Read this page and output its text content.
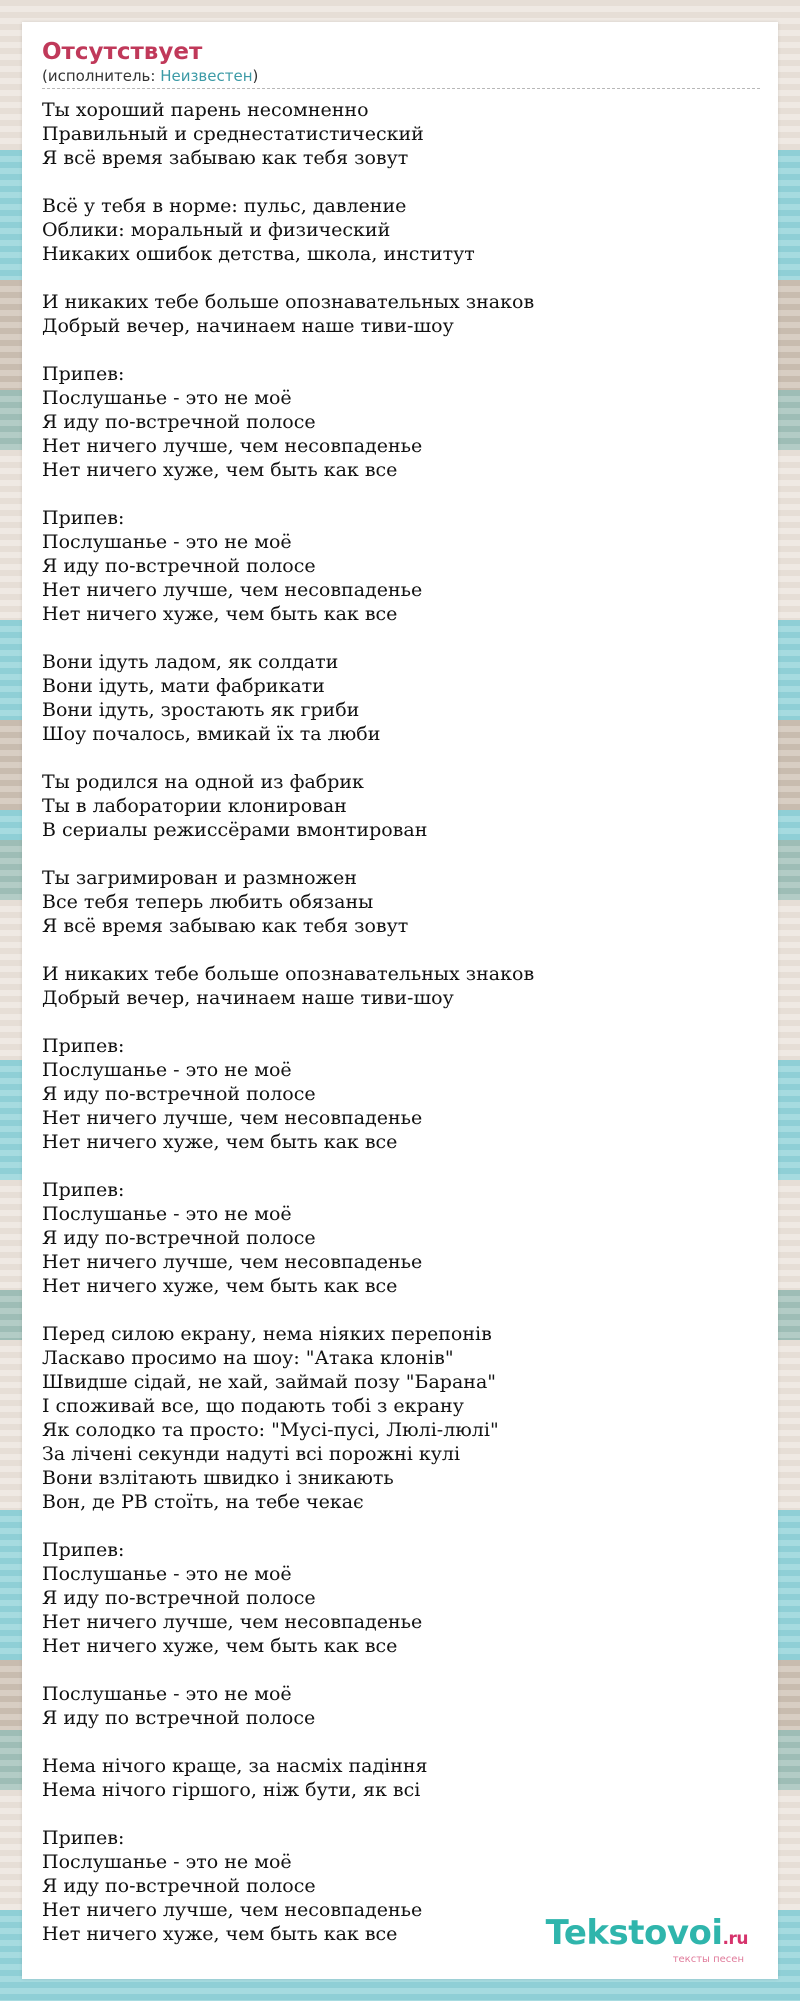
Отсутствует
(исполнитель: Неизвестен)
Ты хороший парень несомненно
Правильный и среднестатистический
Я всё время забываю как тебя зовут
Всё у тебя в норме: пульс, давление
Облики: моральный и физический
Никаких ошибок детства, школа, институт
И никаких тебе больше опознавательных знаков
Добрый вечер, начинаем наше тиви-шоу
Припев:
Послушанье - это не моё
Я иду по-встречной полосе
Нет ничего лучше, чем несовпаденье
Нет ничего хуже, чем быть как все
Припев:
Послушанье - это не моё
Я иду по-встречной полосе
Нет ничего лучше, чем несовпаденье
Нет ничего хуже, чем быть как все
Вони ідуть ладом, як солдати
Вони ідуть, мати фабрикати
Вони ідуть, зростають як гриби
Шоу почалось, вмикай їх та люби
Ты родился на одной из фабрик
Ты в лаборатории клонирован
В сериалы режиссёрами вмонтирован
Ты загримирован и размножен
Все тебя теперь любить обязаны
Я всё время забываю как тебя зовут
И никаких тебе больше опознавательных знаков
Добрый вечер, начинаем наше тиви-шоу
Припев:
Послушанье - это не моё
Я иду по-встречной полосе
Нет ничего лучше, чем несовпаденье
Нет ничего хуже, чем быть как все
Припев:
Послушанье - это не моё
Я иду по-встречной полосе
Нет ничего лучше, чем несовпаденье
Нет ничего хуже, чем быть как все
Перед силою екрану, нема ніяких перепонів
Ласкаво просимо на шоу: "Атака клонів"
Швидше сідай, не хай, займай позу "Барана"
І споживай все, що подають тобі з екрану
Як солодко та просто: "Мусі-пусі, Люлі-люлі"
За лічені секунди надуті всі порожні кулі
Вони взлітають швидко і зникають
Вон, де РВ стоїть, на тебе чекає
Припев:
Послушанье - это не моё
Я иду по-встречной полосе
Нет ничего лучше, чем несовпаденье
Нет ничего хуже, чем быть как все
Послушанье - это не моё
Я иду по встречной полосе
Нема нічого краще, за насміх падіння
Нема нічого гіршого, ніж бути, як всі
Припев:
Послушанье - это не моё
Я иду по-встречной полосе
Нет ничего лучше, чем несовпаденье
Нет ничего хуже, чем быть как все	Tekstovoi.ru
тексты песен
